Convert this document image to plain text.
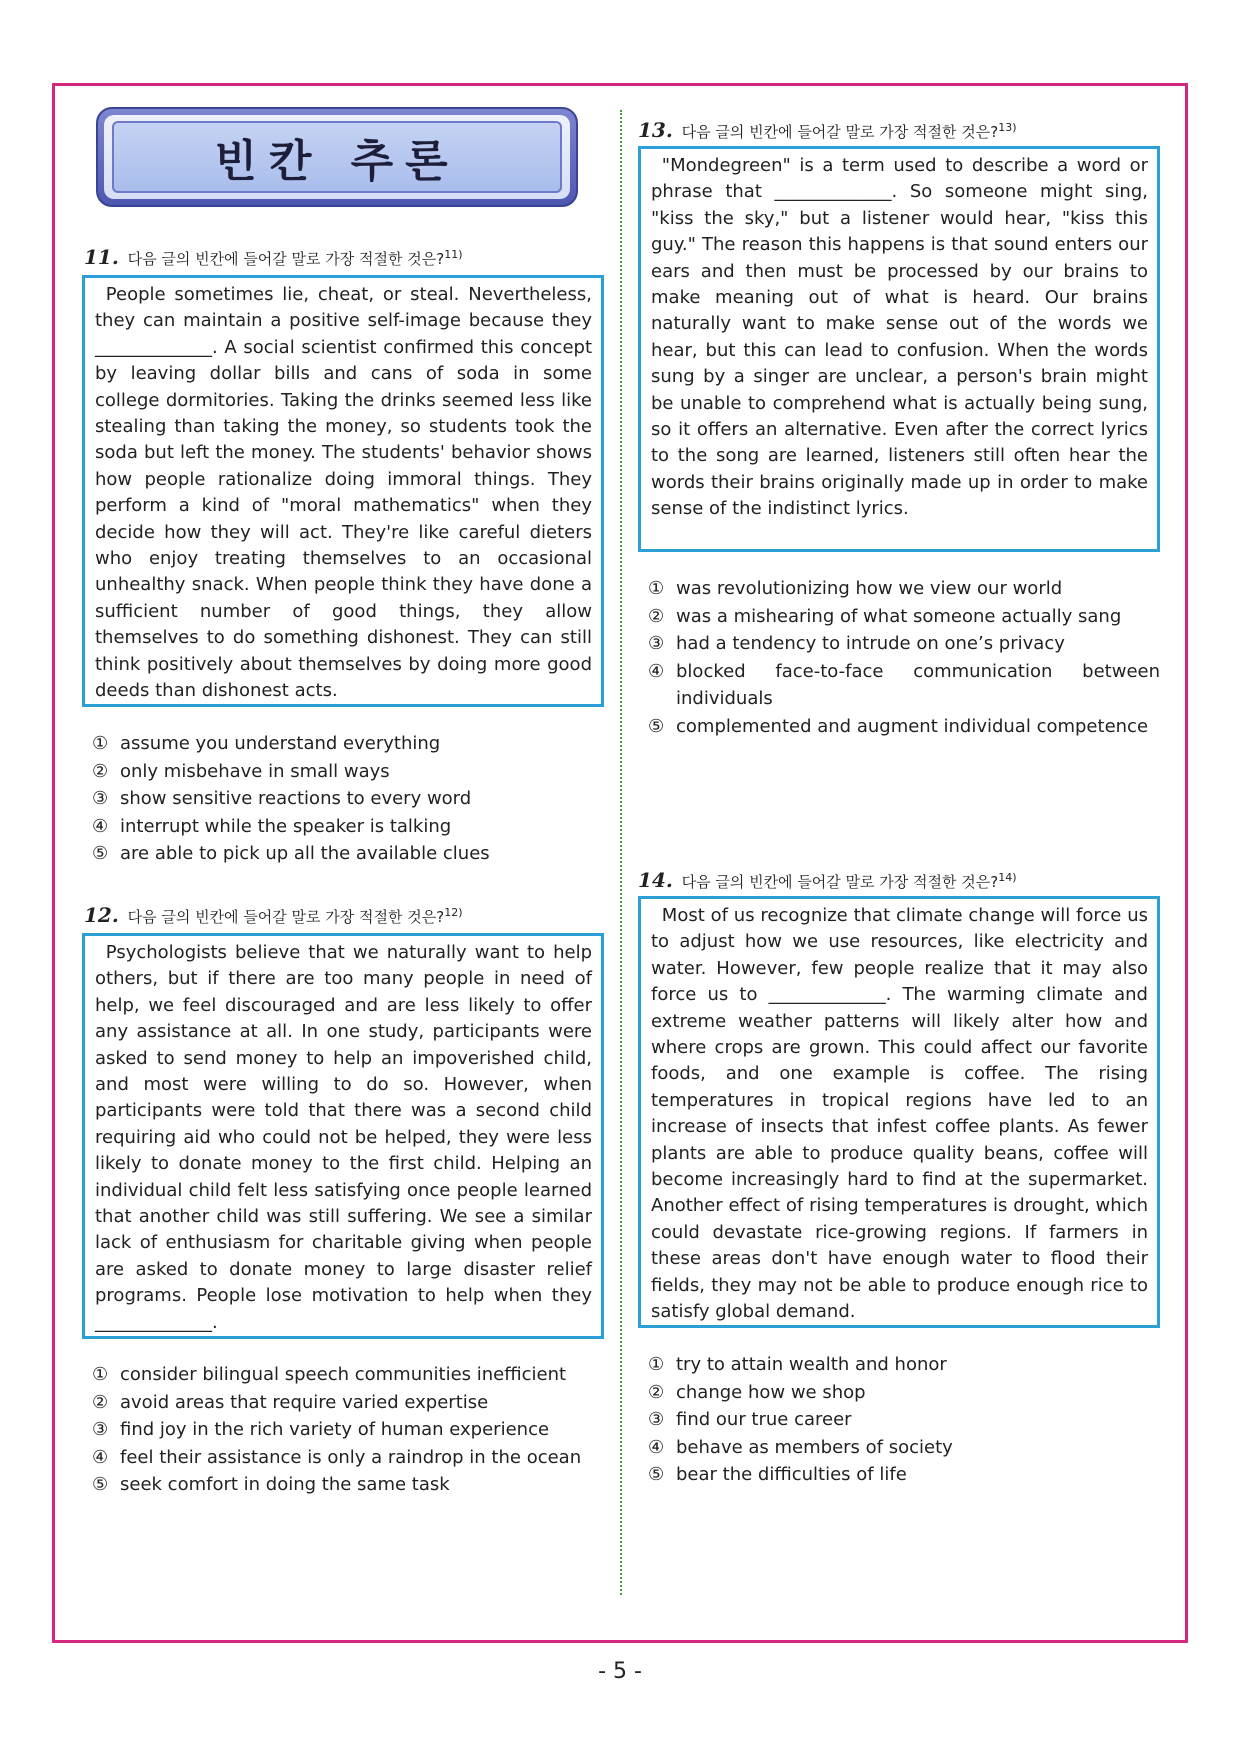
빈칸 추론
11. 다음 글의 빈칸에 들어갈 말로 가장 적절한 것은?$^{11)}$
People sometimes lie, cheat, or steal. Nevertheless, they can maintain a positive self-image because they _____________. A social scientist confirmed this concept by leaving dollar bills and cans of soda in some college dormitories. Taking the drinks seemed less like stealing than taking the money, so students took the soda but left the money. The students' behavior shows how people rationalize doing immoral things. They perform a kind of "moral mathematics" when they decide how they will act. They're like careful dieters who enjoy treating themselves to an occasional unhealthy snack. When people think they have done a sufficient number of good things, they allow themselves to do something dishonest. They can still think positively about themselves by doing more good deeds than dishonest acts.
① assume you understand everything
② only misbehave in small ways
③ show sensitive reactions to every word
④ interrupt while the speaker is talking
⑤ are able to pick up all the available clues
12. 다음 글의 빈칸에 들어갈 말로 가장 적절한 것은?$^{12)}$
Psychologists believe that we naturally want to help others, but if there are too many people in need of help, we feel discouraged and are less likely to offer any assistance at all. In one study, participants were asked to send money to help an impoverished child, and most were willing to do so. However, when participants were told that there was a second child requiring aid who could not be helped, they were less likely to donate money to the first child. Helping an individual child felt less satisfying once people learned that another child was still suffering. We see a similar lack of enthusiasm for charitable giving when people are asked to donate money to large disaster relief programs. People lose motivation to help when they _____________.
① consider bilingual speech communities inefficient
② avoid areas that require varied expertise
③ find joy in the rich variety of human experience
④ feel their assistance is only a raindrop in the ocean
⑤ seek comfort in doing the same task
13. 다음 글의 빈칸에 들어갈 말로 가장 적절한 것은?$^{13)}$
"Mondegreen" is a term used to describe a word or phrase that _____________. So someone might sing, "kiss the sky," but a listener would hear, "kiss this guy." The reason this happens is that sound enters our ears and then must be processed by our brains to make meaning out of what is heard. Our brains naturally want to make sense out of the words we hear, but this can lead to confusion. When the words sung by a singer are unclear, a person's brain might be unable to comprehend what is actually being sung, so it offers an alternative. Even after the correct lyrics to the song are learned, listeners still often hear the words their brains originally made up in order to make sense of the indistinct lyrics.
① was revolutionizing how we view our world
② was a mishearing of what someone actually sang
③ had a tendency to intrude on one’s privacy
④ blocked face-to-face communication between individuals
⑤ complemented and augment individual competence
14. 다음 글의 빈칸에 들어갈 말로 가장 적절한 것은?$^{14)}$
Most of us recognize that climate change will force us to adjust how we use resources, like electricity and water. However, few people realize that it may also force us to _____________. The warming climate and extreme weather patterns will likely alter how and where crops are grown. This could affect our favorite foods, and one example is coffee. The rising temperatures in tropical regions have led to an increase of insects that infest coffee plants. As fewer plants are able to produce quality beans, coffee will become increasingly hard to find at the supermarket. Another effect of rising temperatures is drought, which could devastate rice-growing regions. If farmers in these areas don't have enough water to flood their fields, they may not be able to produce enough rice to satisfy global demand.
① try to attain wealth and honor
② change how we shop
③ find our true career
④ behave as members of society
⑤ bear the difficulties of life
- 5 -
